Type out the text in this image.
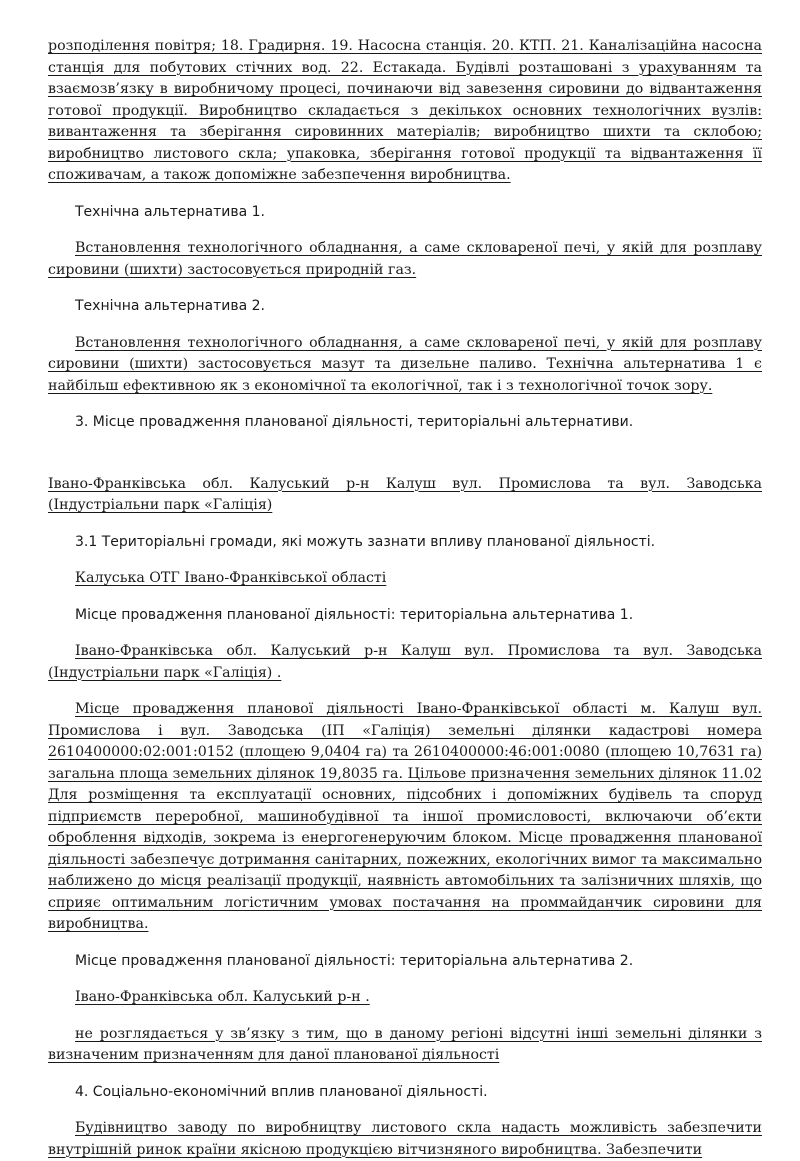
розподілення повітря; 18. Градирня. 19. Насосна станція. 20. КТП. 21. Каналізаційна насосна станція для побутових стічних вод. 22. Естакада. Будівлі розташовані з урахуванням та взаємозв’язку в виробничому процесі, починаючи від завезення сировини до відвантаження готової продукції. Виробництво складається з декількох основних технологічних вузлів: вивантаження та зберігання сировинних матеріалів; виробництво шихти та склобою; виробництво листового скла; упаковка, зберігання готової продукції та відвантаження її споживачам, а також допоміжне забезпечення виробництва.

Технічна альтернатива 1.

Встановлення технологічного обладнання, а саме скловареної печі, у якій для розплаву сировини (шихти) застосовується природній газ.

Технічна альтернатива 2.

Встановлення технологічного обладнання, а саме скловареної печі, у якій для розплаву сировини (шихти) застосовується мазут та дизельне паливо. Технічна альтернатива 1 є найбільш ефективною як з економічної та екологічної, так і з технологічної точок зору.

3. Місце провадження планованої діяльності, територіальні альтернативи.

Івано-Франківська обл. Калуський р-н Калуш вул. Промислова та вул. Заводська (Індустріальни парк «Галіція)

3.1 Територіальні громади, які можуть зазнати впливу планованої діяльності.

Калуська ОТГ Івано-Франківської області

Місце провадження планованої діяльності: територіальна альтернатива 1.

Івано-Франківська обл. Калуський р-н Калуш вул. Промислова та вул. Заводська (Індустріальни парк «Галіція) .

Місце провадження планової діяльності Івано-Франківської області м. Калуш вул. Промислова і вул. Заводська (ІП «Галіція) земельні ділянки кадастрові номера 2610400000:02:001:0152 (площею 9,0404 га) та 2610400000:46:001:0080 (площею 10,7631 га) загальна площа земельних ділянок 19,8035 га. Цільове призначення земельних ділянок 11.02 Для розміщення та експлуатації основних, підсобних і допоміжних будівель та споруд підприємств переробної, машинобудівної та іншої промисловості, включаючи об’єкти оброблення відходів, зокрема із енергогенеруючим блоком. Місце провадження планованої діяльності забезпечує дотримання санітарних, пожежних, екологічних вимог та максимально наближено до місця реалізації продукції, наявність автомобільних та залізничних шляхів, що сприяє оптимальним логістичним умовах постачання на проммайданчик сировини для виробництва.

Місце провадження планованої діяльності: територіальна альтернатива 2.

Івано-Франківська обл. Калуський р-н .

не розглядається у зв’язку з тим, що в даному регіоні відсутні інші земельні ділянки з визначеним призначенням для даної планованої діяльності

4. Соціально-економічний вплив планованої діяльності.

Будівництво заводу по виробництву листового скла надасть можливість забезпечити внутрішній ринок країни якісною продукцією вітчизняного виробництва. Забезпечити
